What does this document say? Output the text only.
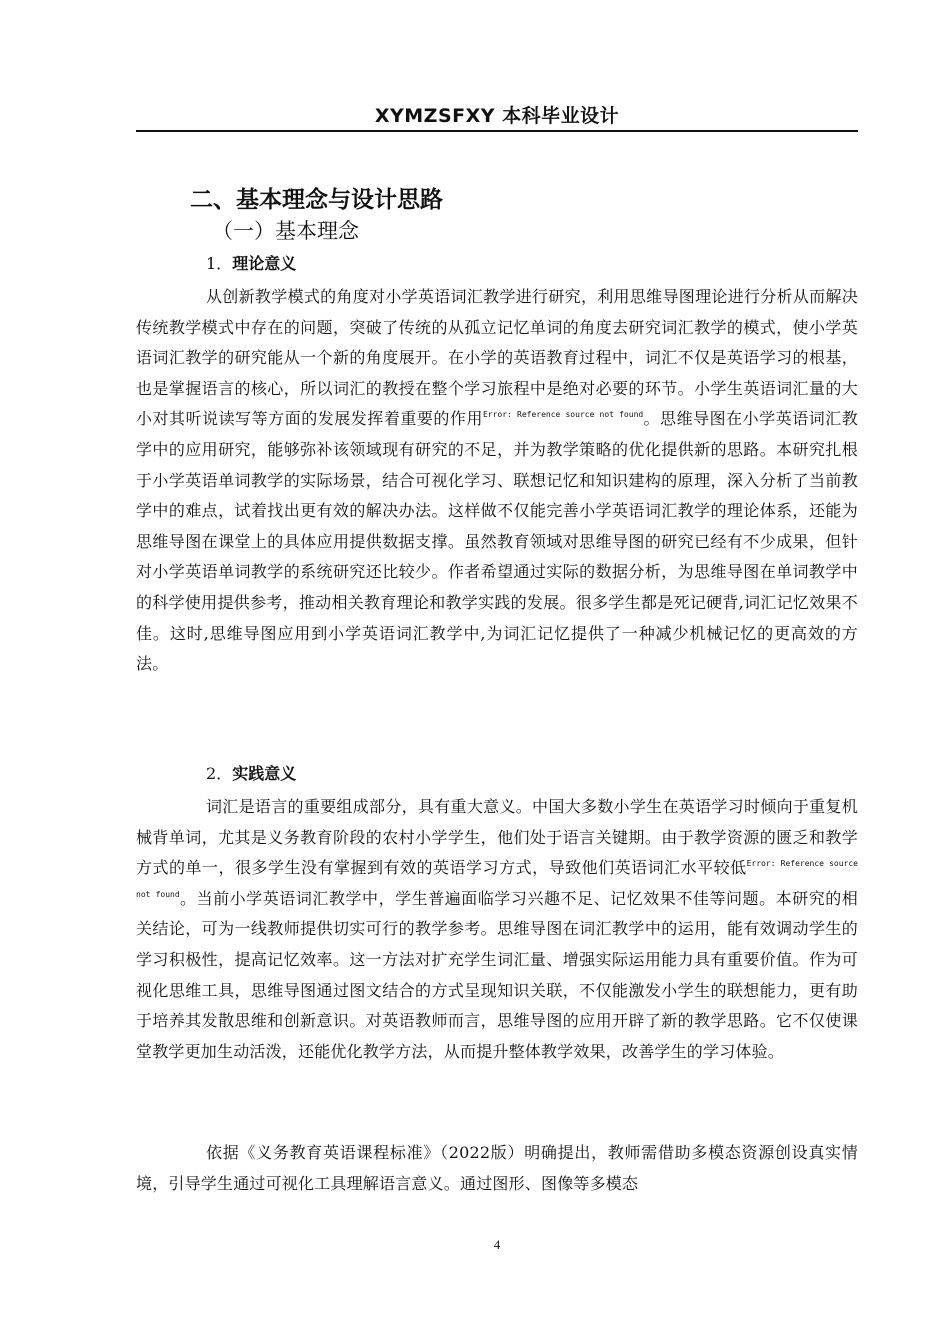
XYMZSFXY 本科毕业设计
二、基本理念与设计思路
（一）基本理念
1．理论意义
从创新教学模式的角度对小学英语词汇教学进行研究，利用思维导图理论进行分析从而解决传统教学模式中存在的问题，突破了传统的从孤立记忆单词的角度去研究词汇教学的模式，使小学英语词汇教学的研究能从一个新的角度展开。在小学的英语教育过程中，词汇不仅是英语学习的根基，也是掌握语言的核心，所以词汇的教授在整个学习旅程中是绝对必要的环节。小学生英语词汇量的大小对其听说读写等方面的发展发挥着重要的作用$^{Error: Reference source not found}$。思维导图在小学英语词汇教学中的应用研究，能够弥补该领域现有研究的不足，并为教学策略的优化提供新的思路。本研究扎根于小学英语单词教学的实际场景，结合可视化学习、联想记忆和知识建构的原理，深入分析了当前教学中的难点，试着找出更有效的解决办法。这样做不仅能完善小学英语词汇教学的理论体系，还能为思维导图在课堂上的具体应用提供数据支撑。虽然教育领域对思维导图的研究已经有不少成果，但针对小学英语单词教学的系统研究还比较少。作者希望通过实际的数据分析，为思维导图在单词教学中的科学使用提供参考，推动相关教育理论和教学实践的发展。很多学生都是死记硬背,词汇记忆效果不佳。这时,思维导图应用到小学英语词汇教学中,为词汇记忆提供了一种减少机械记忆的更高效的方法。
2．实践意义
词汇是语言的重要组成部分，具有重大意义。中国大多数小学生在英语学习时倾向于重复机械背单词，尤其是义务教育阶段的农村小学学生，他们处于语言关键期。由于教学资源的匮乏和教学方式的单一，很多学生没有掌握到有效的英语学习方式，导致他们英语词汇水平较低$^{Error: Reference source not found}$。当前小学英语词汇教学中，学生普遍面临学习兴趣不足、记忆效果不佳等问题。本研究的相关结论，可为一线教师提供切实可行的教学参考。思维导图在词汇教学中的运用，能有效调动学生的学习积极性，提高记忆效率。这一方法对扩充学生词汇量、增强实际运用能力具有重要价值。作为可视化思维工具，思维导图通过图文结合的方式呈现知识关联，不仅能激发小学生的联想能力，更有助于培养其发散思维和创新意识。对英语教师而言，思维导图的应用开辟了新的教学思路。它不仅使课堂教学更加生动活泼，还能优化教学方法，从而提升整体教学效果，改善学生的学习体验。
依据《义务教育英语课程标准》（2022版）明确提出，教师需借助多模态资源创设真实情境，引导学生通过可视化工具理解语言意义。通过图形、图像等多模态
4
